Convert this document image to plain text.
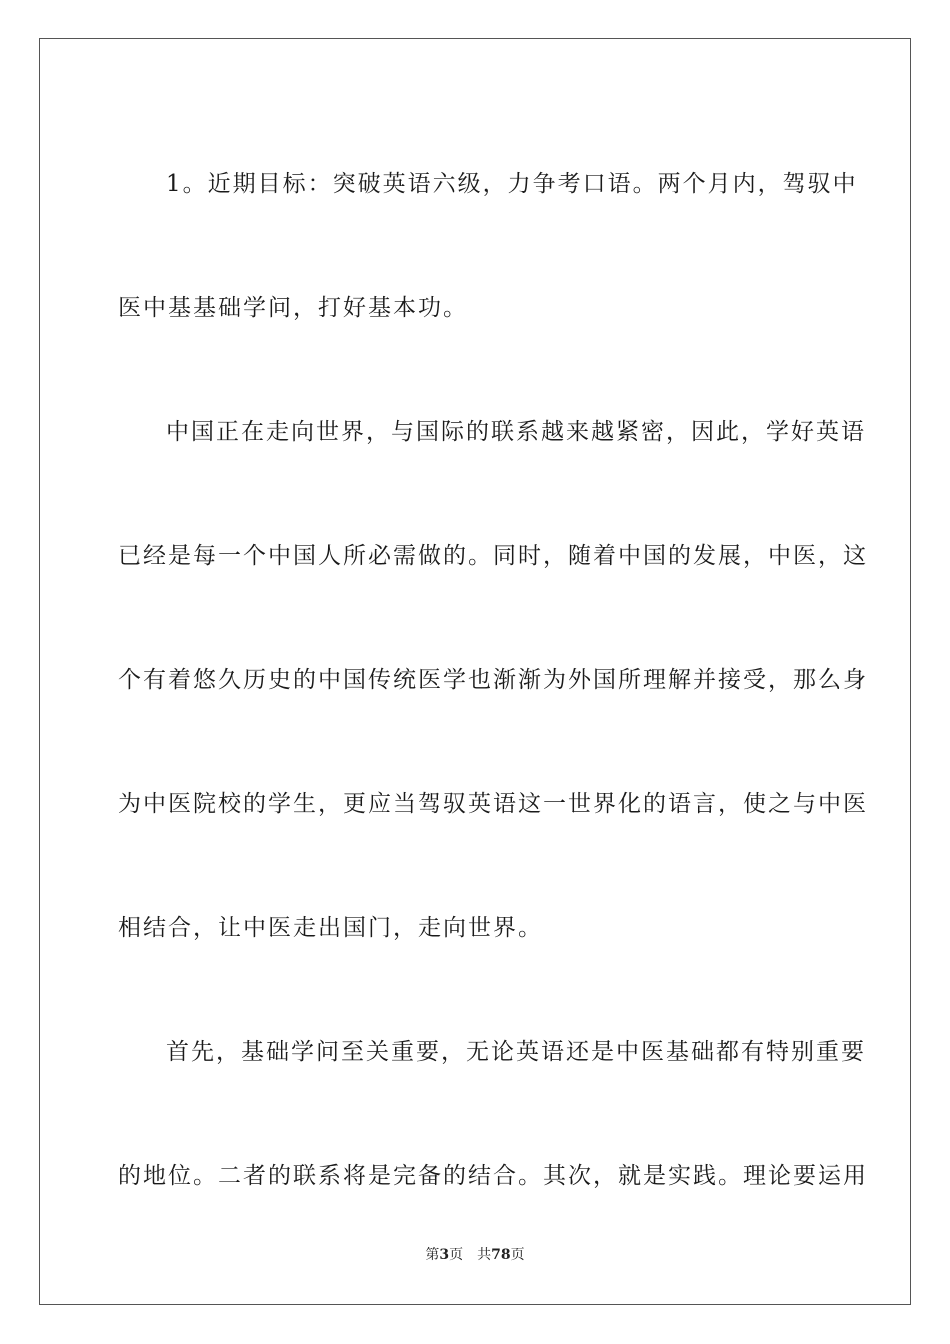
1。近期目标：突破英语六级，力争考口语。两个月内，驾驭中
医中基基础学问，打好基本功。
中国正在走向世界，与国际的联系越来越紧密，因此，学好英语
已经是每一个中国人所必需做的。同时，随着中国的发展，中医，这
个有着悠久历史的中国传统医学也渐渐为外国所理解并接受，那么身
为中医院校的学生，更应当驾驭英语这一世界化的语言，使之与中医
相结合，让中医走出国门，走向世界。
首先，基础学问至关重要，无论英语还是中医基础都有特别重要
的地位。二者的联系将是完备的结合。其次，就是实践。理论要运用
第3页　共78页
